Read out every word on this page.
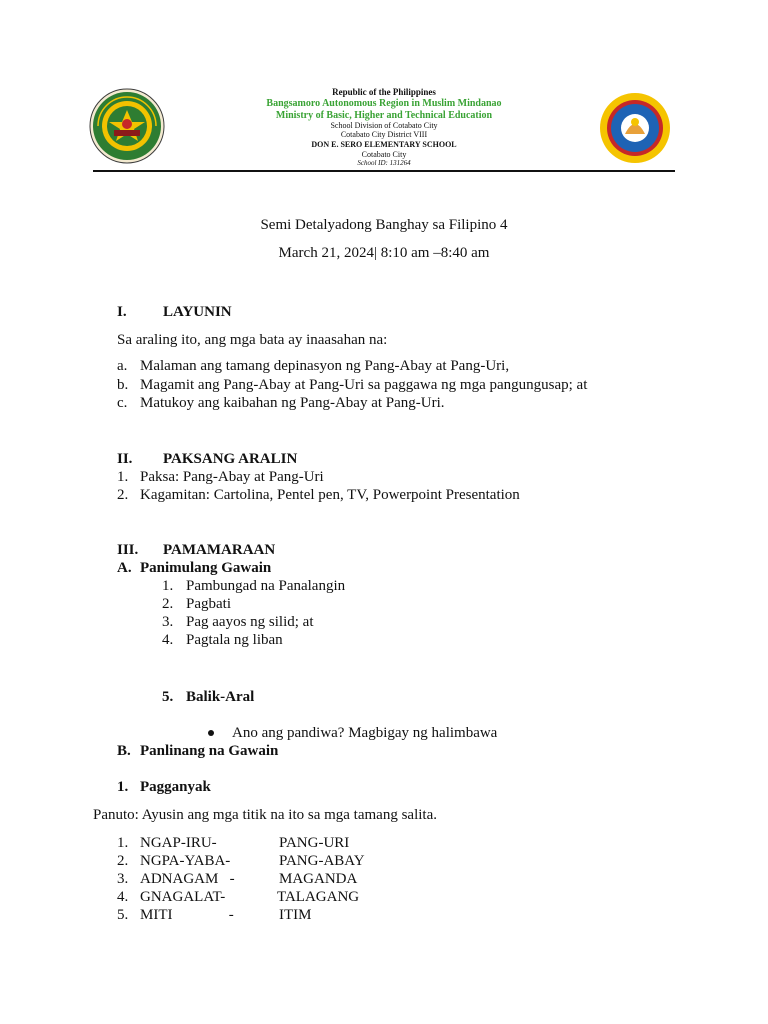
Republic of the Philippines
Bangsamoro Autonomous Region in Muslim Mindanao
Ministry of Basic, Higher and Technical Education
School Division of Cotabato City
Cotabato City District VIII
DON E. SERO ELEMENTARY SCHOOL
Cotabato City
School ID: 131264
Semi Detalyadong Banghay sa Filipino 4
March 21, 2024| 8:10 am –8:40 am
I. LAYUNIN
Sa araling ito, ang mga bata ay inaasahan na:
a. Malaman ang tamang depinasyon ng Pang-Abay at Pang-Uri,
b. Magamit ang Pang-Abay at Pang-Uri sa paggawa ng mga pangungusap; at
c. Matukoy ang kaibahan ng Pang-Abay at Pang-Uri.
II. PAKSANG ARALIN
1. Paksa: Pang-Abay at Pang-Uri
2. Kagamitan: Cartolina, Pentel pen, TV, Powerpoint Presentation
III. PAMAMARAAN
A. Panimulang Gawain
1. Pambungad na Panalangin
2. Pagbati
3. Pag aayos ng silid; at
4. Pagtala ng liban
5. Balik-Aral
Ano ang pandiwa? Magbigay ng halimbawa
B. Panlinang na Gawain
1. Pagganyak
Panuto: Ayusin ang mga titik na ito sa mga tamang salita.
1. NGAP-IRU-	PANG-URI
2. NGPA-YABA-	PANG-ABAY
3. ADNAGAM   -	MAGANDA
4. GNAGALAT-	TALAGANG
5. MITI               -	ITIM
